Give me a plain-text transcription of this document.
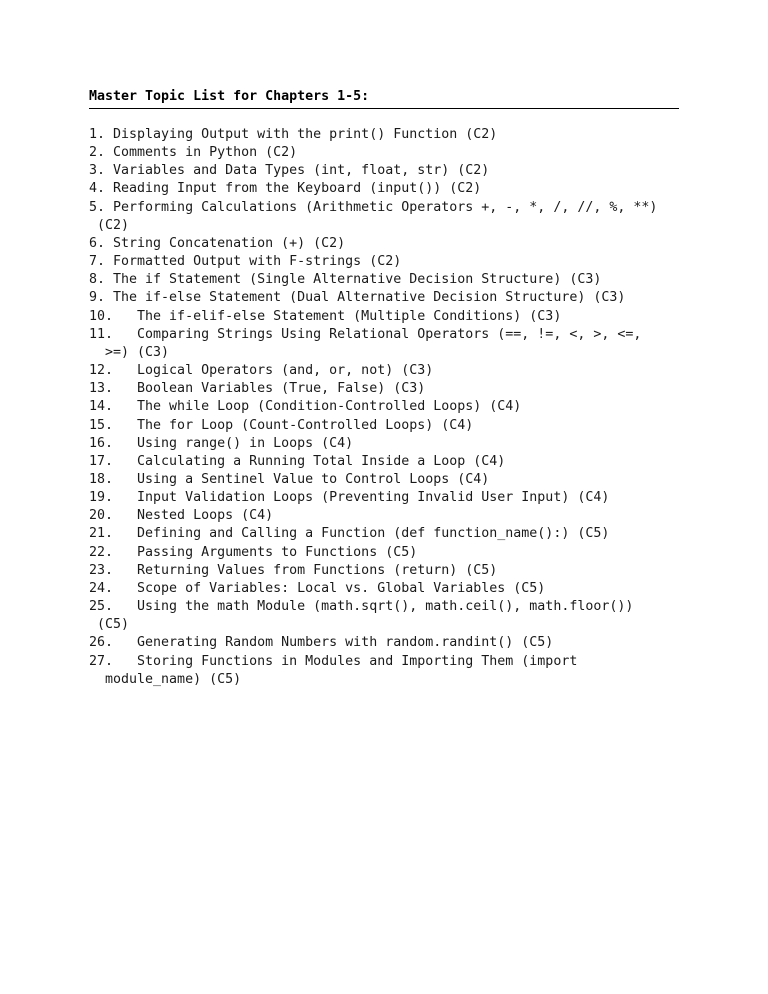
Master Topic List for Chapters 1-5:
1. Displaying Output with the print() Function (C2)
2. Comments in Python (C2)
3. Variables and Data Types (int, float, str) (C2)
4. Reading Input from the Keyboard (input()) (C2)
5. Performing Calculations (Arithmetic Operators +, -, *, /, //, %, **)
(C2)
6. String Concatenation (+) (C2)
7. Formatted Output with F-strings (C2)
8. The if Statement (Single Alternative Decision Structure) (C3)
9. The if-else Statement (Dual Alternative Decision Structure) (C3)
10.   The if-elif-else Statement (Multiple Conditions) (C3)
11.   Comparing Strings Using Relational Operators (==, !=, <, >, <=,
>=) (C3)
12.   Logical Operators (and, or, not) (C3)
13.   Boolean Variables (True, False) (C3)
14.   The while Loop (Condition-Controlled Loops) (C4)
15.   The for Loop (Count-Controlled Loops) (C4)
16.   Using range() in Loops (C4)
17.   Calculating a Running Total Inside a Loop (C4)
18.   Using a Sentinel Value to Control Loops (C4)
19.   Input Validation Loops (Preventing Invalid User Input) (C4)
20.   Nested Loops (C4)
21.   Defining and Calling a Function (def function_name():) (C5)
22.   Passing Arguments to Functions (C5)
23.   Returning Values from Functions (return) (C5)
24.   Scope of Variables: Local vs. Global Variables (C5)
25.   Using the math Module (math.sqrt(), math.ceil(), math.floor())
(C5)
26.   Generating Random Numbers with random.randint() (C5)
27.   Storing Functions in Modules and Importing Them (import
module_name) (C5)
